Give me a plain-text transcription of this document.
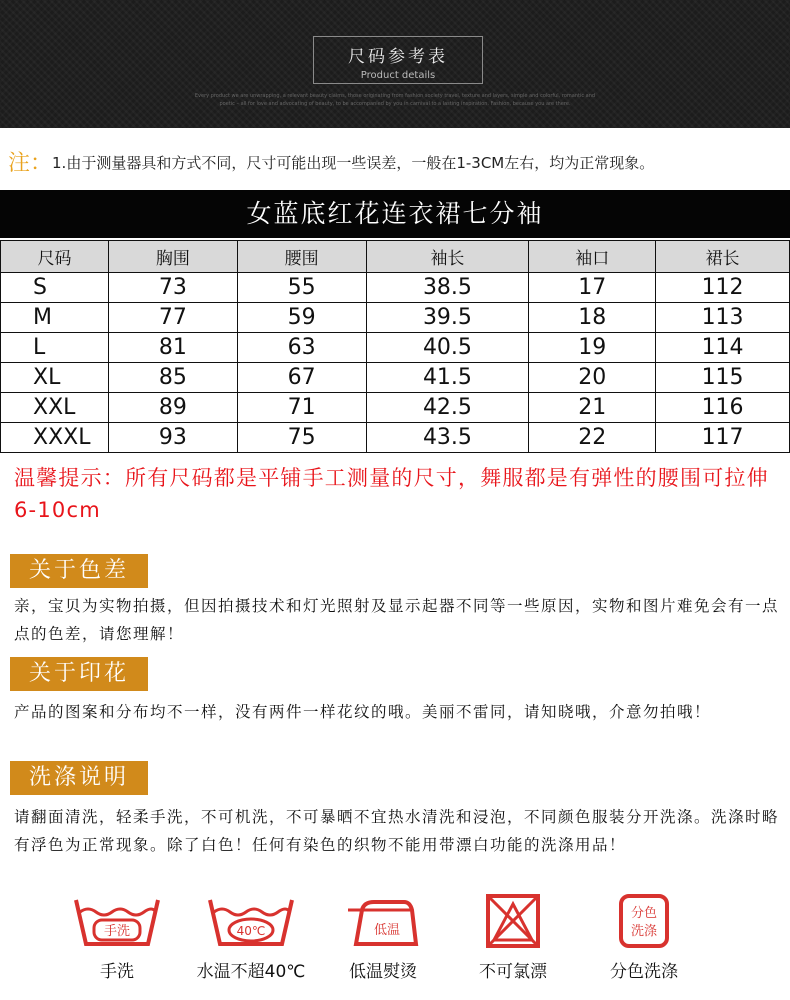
尺码参考表
Product details
Every product we are unwrapping, a relevant beauty claims, those originating from fashion society travel, texture and layers, simple and colorful, romantic and
poetic – all for love and advocating of beauty, to be accompanied by you in carnival to a lasting inspiration. Fashion, because you are there.
注：1.由于测量器具和方式不同，尺寸可能出现一些误差，一般在1-3CM左右，均为正常现象。
女蓝底红花连衣裙七分袖
尺码	胸围	腰围	袖长	袖口	裙长
S	73	55	38.5	17	112
M	77	59	39.5	18	113
L	81	63	40.5	19	114
XL	85	67	41.5	20	115
XXL	89	71	42.5	21	116
XXXL	93	75	43.5	22	117
温馨提示：所有尺码都是平铺手工测量的尺寸，舞服都是有弹性的腰围可拉伸6-10cm
关于色差
亲，宝贝为实物拍摄，但因拍摄技术和灯光照射及显示起器不同等一些原因，实物和图片难免会有一点点的色差，请您理解！
关于印花
产品的图案和分布均不一样，没有两件一样花纹的哦。美丽不雷同，请知晓哦，介意勿拍哦！
洗涤说明
请翻面清洗，轻柔手洗，不可机洗，不可暴晒不宜热水清洗和浸泡，不同颜色服装分开洗涤。洗涤时略有浮色为正常现象。除了白色！任何有染色的织物不能用带漂白功能的洗涤用品！
手洗
手洗
40℃
水温不超40℃
低温
低温熨烫	不可氯漂
分色
洗涤
分色洗涤
